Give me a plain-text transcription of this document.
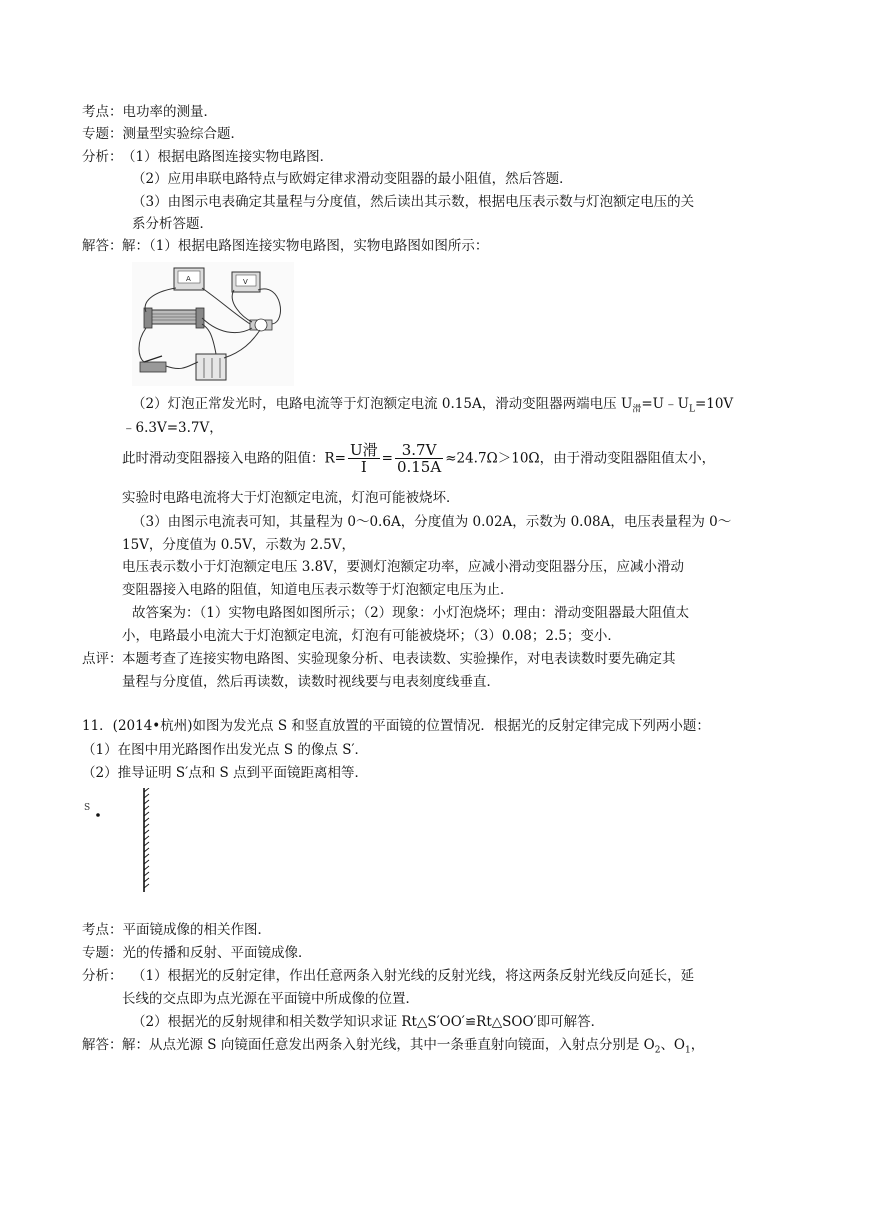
考点：电功率的测量．
专题：测量型实验综合题．
分析： （1）根据电路图连接实物电路图．
（2）应用串联电路特点与欧姆定律求滑动变阻器的最小阻值，然后答题．
（3）由图示电表确定其量程与分度值，然后读出其示数，根据电压表示数与灯泡额定电压的关
系分析答题．
解答： 解：（1）根据电路图连接实物电路图，实物电路图如图所示：
A	V
（2）灯泡正常发光时，电路电流等于灯泡额定电流 0.15A，滑动变阻器两端电压 $U_滑=U﹣U_L=10V$
﹣6.3V=3.7V，
此时滑动变阻器接入电路的阻值：$R= \frac{\text{U滑}}{I} = \frac{3.7V}{0.15A} \approx 24.7\Omega>10\Omega$，由于滑动变阻器阻值太小，
实验时电路电流将大于灯泡额定电流，灯泡可能被烧坏．
（3）由图示电流表可知，其量程为 0～0.6A，分度值为 0.02A，示数为 0.08A，电压表量程为 0～
15V，分度值为 0.5V，示数为 2.5V，
电压表示数小于灯泡额定电压 3.8V，要测灯泡额定功率，应减小滑动变阻器分压，应减小滑动
变阻器接入电路的阻值，知道电压表示数等于灯泡额定电压为止．
故答案为：（1）实物电路图如图所示；（2）现象：小灯泡烧坏；理由：滑动变阻器最大阻值太
小，电路最小电流大于灯泡额定电流，灯泡有可能被烧坏；（3）0.08；2.5；变小．
点评： 本题考查了连接实物电路图、实验现象分析、电表读数、实验操作，对电表读数时要先确定其
量程与分度值，然后再读数，读数时视线要与电表刻度线垂直．
11．(2014•杭州)如图为发光点 S 和竖直放置的平面镜的位置情况．根据光的反射定律完成下列两小题：
（1）在图中用光路图作出发光点 S 的像点 S′．
（2）推导证明 S′点和 S 点到平面镜距离相等．
S
考点：平面镜成像的相关作图．
专题：光的传播和反射、平面镜成像．
分析： （1）根据光的反射定律，作出任意两条入射光线的反射光线，将这两条反射光线反向延长，延
长线的交点即为点光源在平面镜中所成像的位置．
（2）根据光的反射规律和相关数学知识求证 Rt△S′OO′≌Rt△SOO′即可解答．
解答： 解：从点光源 S 向镜面任意发出两条入射光线，其中一条垂直射向镜面，入射点分别是 $O_2$、$O_1$，
